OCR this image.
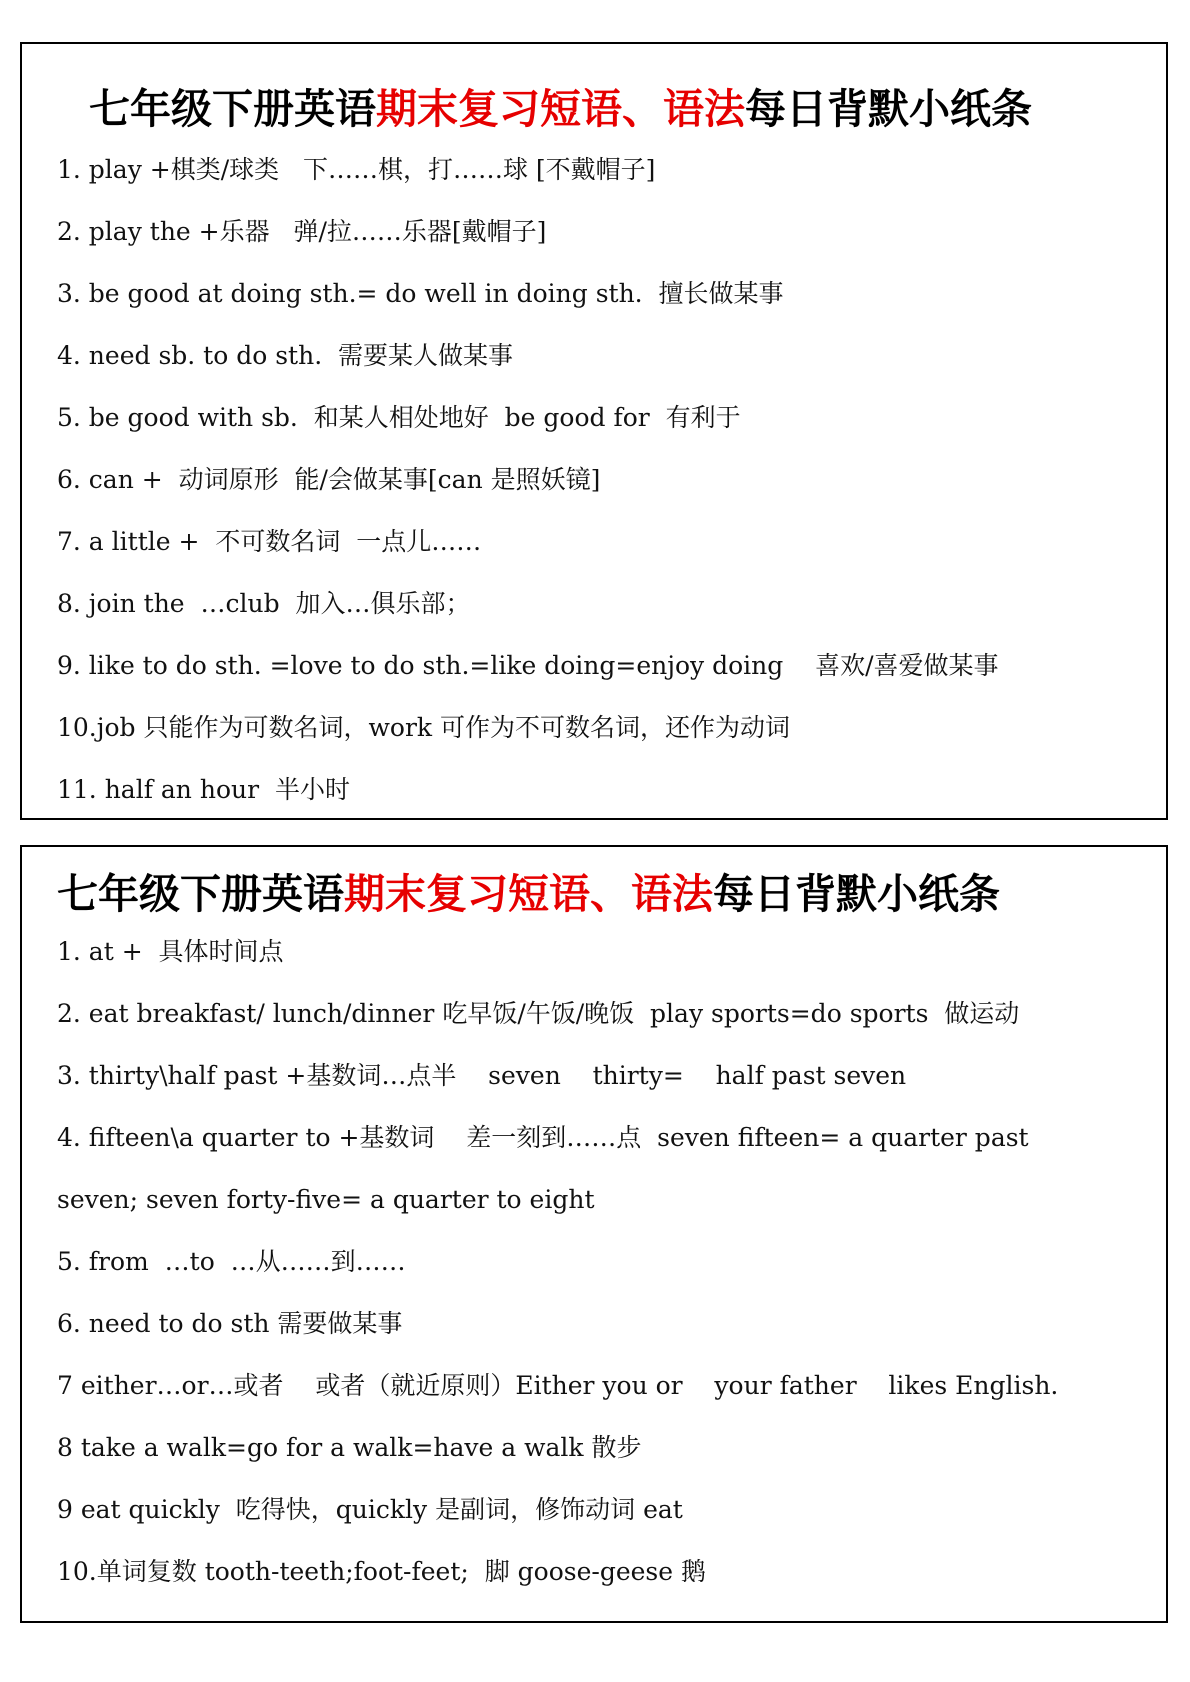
七年级下册英语期末复习短语、语法每日背默小纸条
1. play +棋类/球类   下……棋，打……球 [不戴帽子]
2. play the +乐器   弹/拉……乐器[戴帽子]
3. be good at doing sth.= do well in doing sth.  擅长做某事
4. need sb. to do sth.  需要某人做某事
5. be good with sb.  和某人相处地好  be good for  有利于
6. can +  动词原形  能/会做某事[can 是照妖镜]
7. a little +  不可数名词  一点儿……
8. join the  …club  加入…俱乐部；
9. like to do sth. =love to do sth.=like doing=enjoy doing    喜欢/喜爱做某事
10.job 只能作为可数名词，work 可作为不可数名词，还作为动词
11. half an hour  半小时
七年级下册英语期末复习短语、语法每日背默小纸条
1. at +  具体时间点
2. eat breakfast/ lunch/dinner 吃早饭/午饭/晚饭  play sports=do sports  做运动
3. thirty\half past +基数词…点半    seven    thirty=    half past seven
4. fifteen\a quarter to +基数词    差一刻到……点  seven fifteen= a quarter past
seven; seven forty-five= a quarter to eight
5. from  …to  …从……到……
6. need to do sth 需要做某事
7 either…or…或者    或者（就近原则）Either you or    your father    likes English.
8 take a walk=go for a walk=have a walk 散步
9 eat quickly  吃得快，quickly 是副词，修饰动词 eat
10.单词复数 tooth-teeth;foot-feet;  脚 goose-geese 鹅
